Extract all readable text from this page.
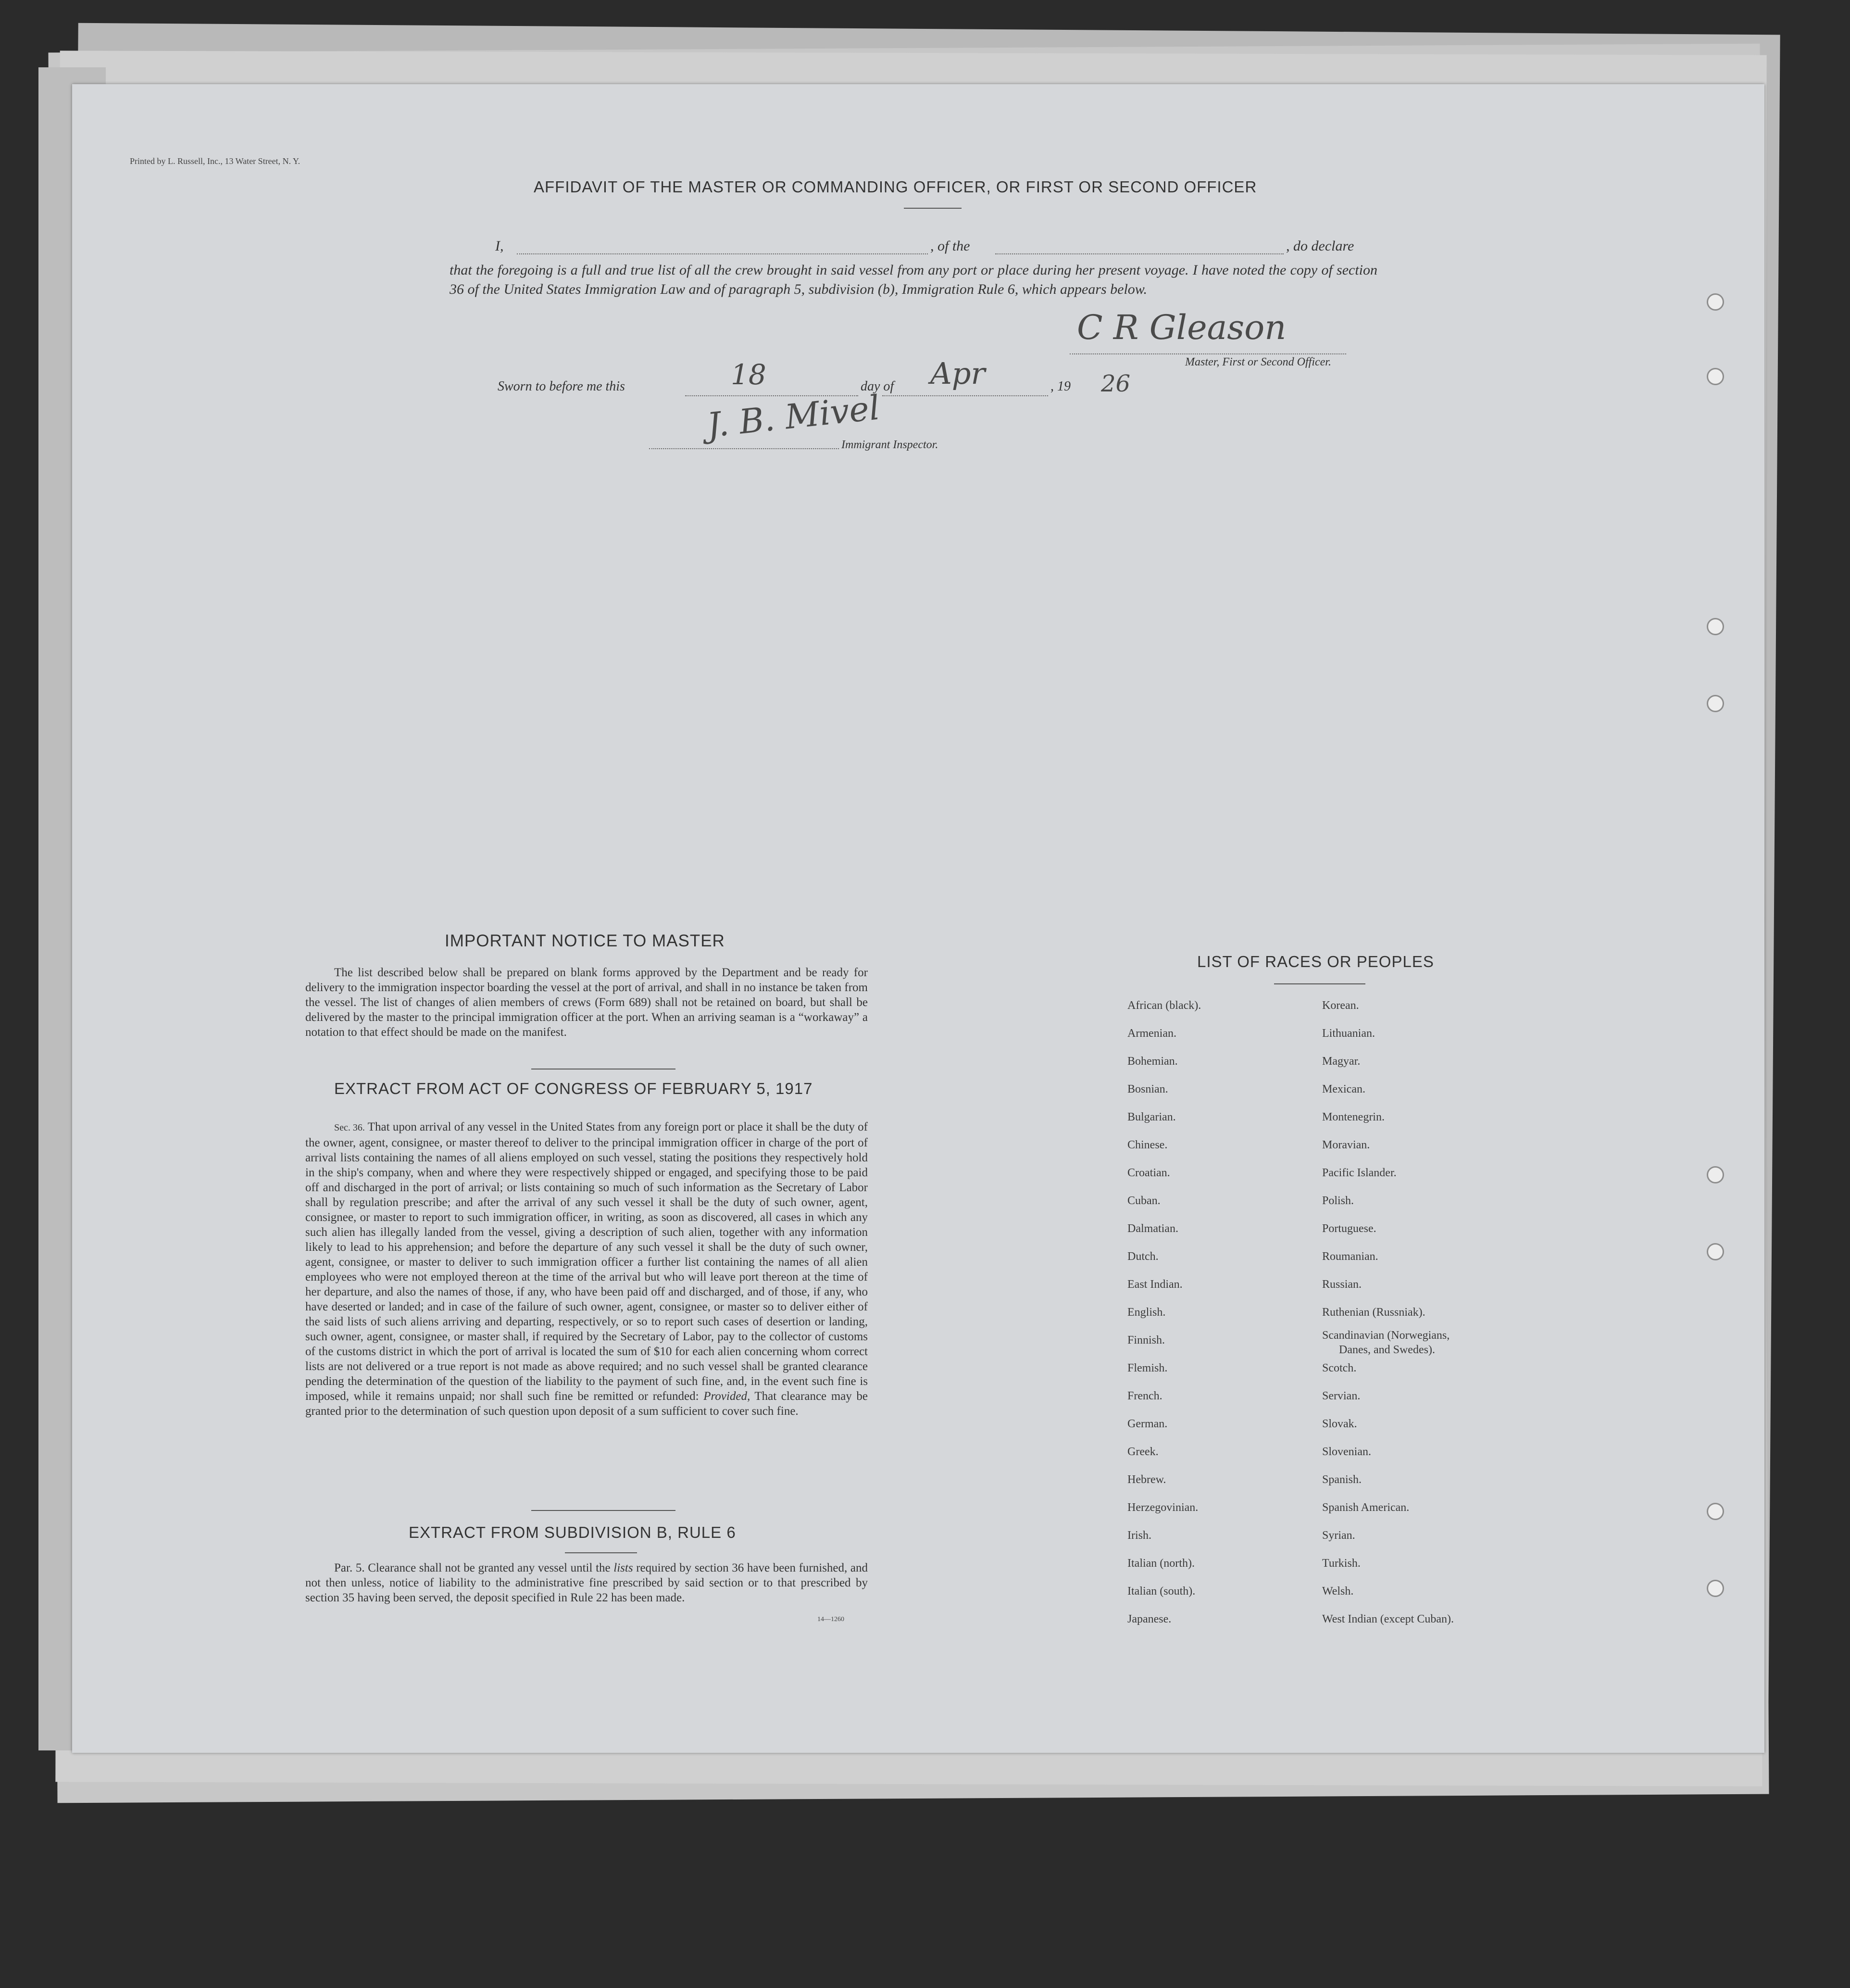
Printed by L. Russell, Inc., 13 Water Street, N. Y.
AFFIDAVIT OF THE MASTER OR COMMANDING OFFICER, OR FIRST OR SECOND OFFICER
I,	, of the	, do declare
that the foregoing is a full and true list of all the crew brought in said vessel from any port or place during her present voyage. I have noted the copy of section 36 of the United States Immigration Law and of paragraph 5, subdivision (b), Immigration Rule 6, which appears below.
C R Gleason
Master, First or Second Officer.
Sworn to before me this	18	day of Apr	, 19 26
J. B. Mivel
Immigrant Inspector.
IMPORTANT NOTICE TO MASTER

The list described below shall be prepared on blank forms approved by the Department and be ready for delivery to the immigration inspector boarding the vessel at the port of arrival, and shall in no instance be taken from the vessel. The list of changes of alien members of crews (Form 689) shall not be retained on board, but shall be delivered by the master to the principal immigration officer at the port. When an arriving seaman is a “workaway” a notation to that effect should be made on the manifest.

EXTRACT FROM ACT OF CONGRESS OF FEBRUARY 5, 1917

Sec. 36. That upon arrival of any vessel in the United States from any foreign port or place it shall be the duty of the owner, agent, consignee, or master thereof to deliver to the principal immigration officer in charge of the port of arrival lists containing the names of all aliens employed on such vessel, stating the positions they respectively hold in the ship's company, when and where they were respectively shipped or engaged, and specifying those to be paid off and discharged in the port of arrival; or lists containing so much of such information as the Secretary of Labor shall by regulation prescribe; and after the arrival of any such vessel it shall be the duty of such owner, agent, consignee, or master to report to such immigration officer, in writing, as soon as discovered, all cases in which any such alien has illegally landed from the vessel, giving a description of such alien, together with any information likely to lead to his apprehension; and before the departure of any such vessel it shall be the duty of such owner, agent, consignee, or master to deliver to such immigration officer a further list containing the names of all alien employees who were not employed thereon at the time of the arrival but who will leave port thereon at the time of her departure, and also the names of those, if any, who have been paid off and discharged, and of those, if any, who have deserted or landed; and in case of the failure of such owner, agent, consignee, or master so to deliver either of the said lists of such aliens arriving and departing, respectively, or so to report such cases of desertion or landing, such owner, agent, consignee, or master shall, if required by the Secretary of Labor, pay to the collector of customs of the customs district in which the port of arrival is located the sum of $10 for each alien concerning whom correct lists are not delivered or a true report is not made as above required; and no such vessel shall be granted clearance pending the determination of the question of the liability to the payment of such fine, and, in the event such fine is imposed, while it remains unpaid; nor shall such fine be remitted or refunded: Provided, That clearance may be granted prior to the determination of such question upon deposit of a sum sufficient to cover such fine.

EXTRACT FROM SUBDIVISION B, RULE 6

Par. 5. Clearance shall not be granted any vessel until the lists required by section 36 have been furnished, and not then unless, notice of liability to the administrative fine prescribed by said section or to that prescribed by section 35 having been served, the deposit specified in Rule 22 has been made.

14—1260
LIST OF RACES OR PEOPLES
African (black).
Armenian.
Bohemian.
Bosnian.
Bulgarian.
Chinese.
Croatian.
Cuban.
Dalmatian.
Dutch.
East Indian.
English.
Finnish.
Flemish.
French.
German.
Greek.
Hebrew.
Herzegovinian.
Irish.
Italian (north).
Italian (south).
Japanese.
Korean.
Lithuanian.
Magyar.
Mexican.
Montenegrin.
Moravian.
Pacific Islander.
Polish.
Portuguese.
Roumanian.
Russian.
Ruthenian (Russniak).
Scandinavian (Norwegians,
Scotch.
Servian.
Slovak.
Slovenian.
Spanish.
Spanish American.
Syrian.
Turkish.
Welsh.
West Indian (except Cuban).
Danes, and Swedes).
